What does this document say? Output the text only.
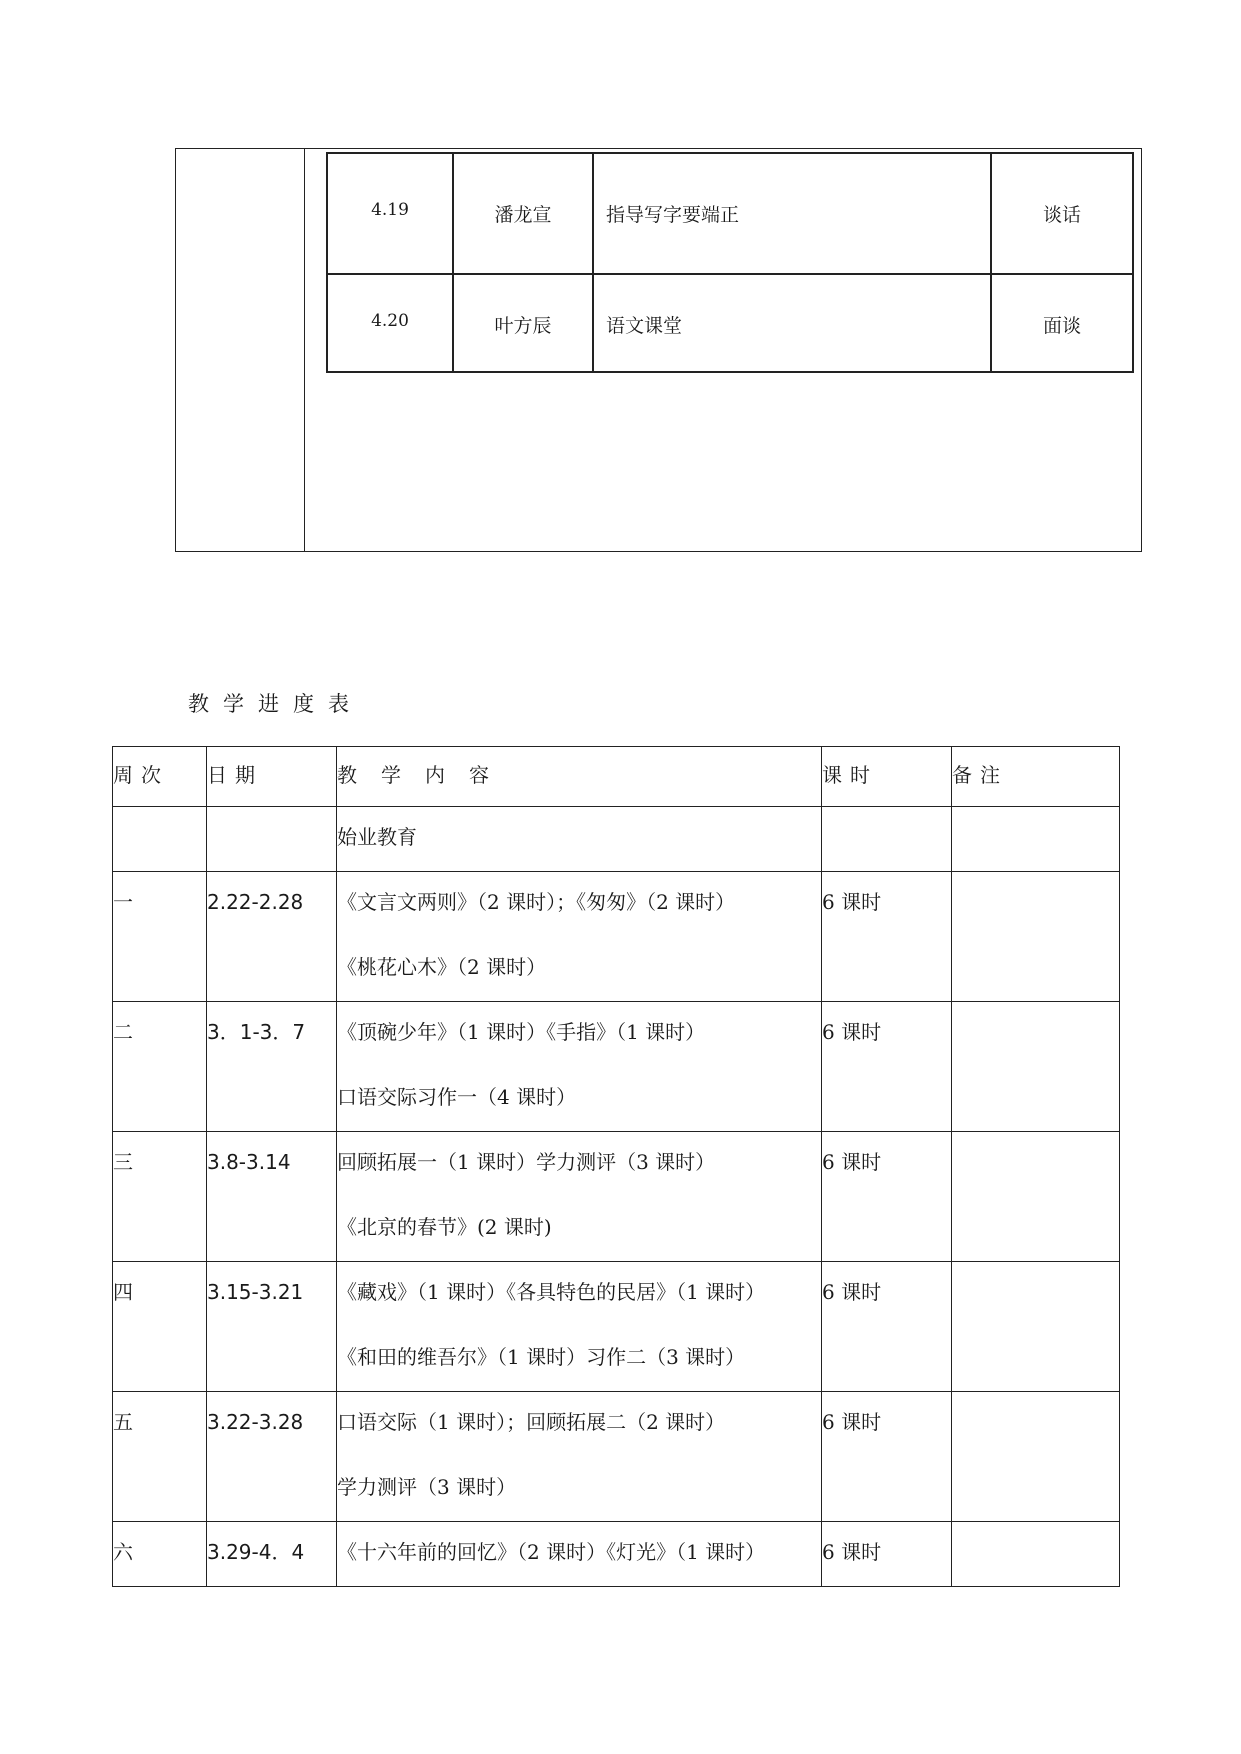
4.19	潘龙宣	指导写字要端正	谈话

4.20	叶方辰	语文课堂	面谈
教学进度表
周次	日期	教学内容	课时	备注

		始业教育		

一	2.22-2.28	《文言文两则》（2 课时）；《匆匆》（2 课时）
《桃花心木》（2 课时）	6 课时	
二	3．1-3．7	《顶碗少年》（1 课时）《手指》（1 课时）
口语交际习作一（4 课时）	6 课时	
三	3.8-3.14	回顾拓展一（1 课时）学力测评（3 课时）
《北京的春节》(2 课时)	6 课时	
四	3.15-3.21	《藏戏》（1 课时）《各具特色的民居》（1 课时）
《和田的维吾尔》（1 课时）习作二（3 课时）	6 课时	
五	3.22-3.28	口语交际（1 课时）；回顾拓展二（2 课时）
学力测评（3 课时）	6 课时	
六	3.29-4．4	《十六年前的回忆》（2 课时）《灯光》（1 课时）	6 课时	
